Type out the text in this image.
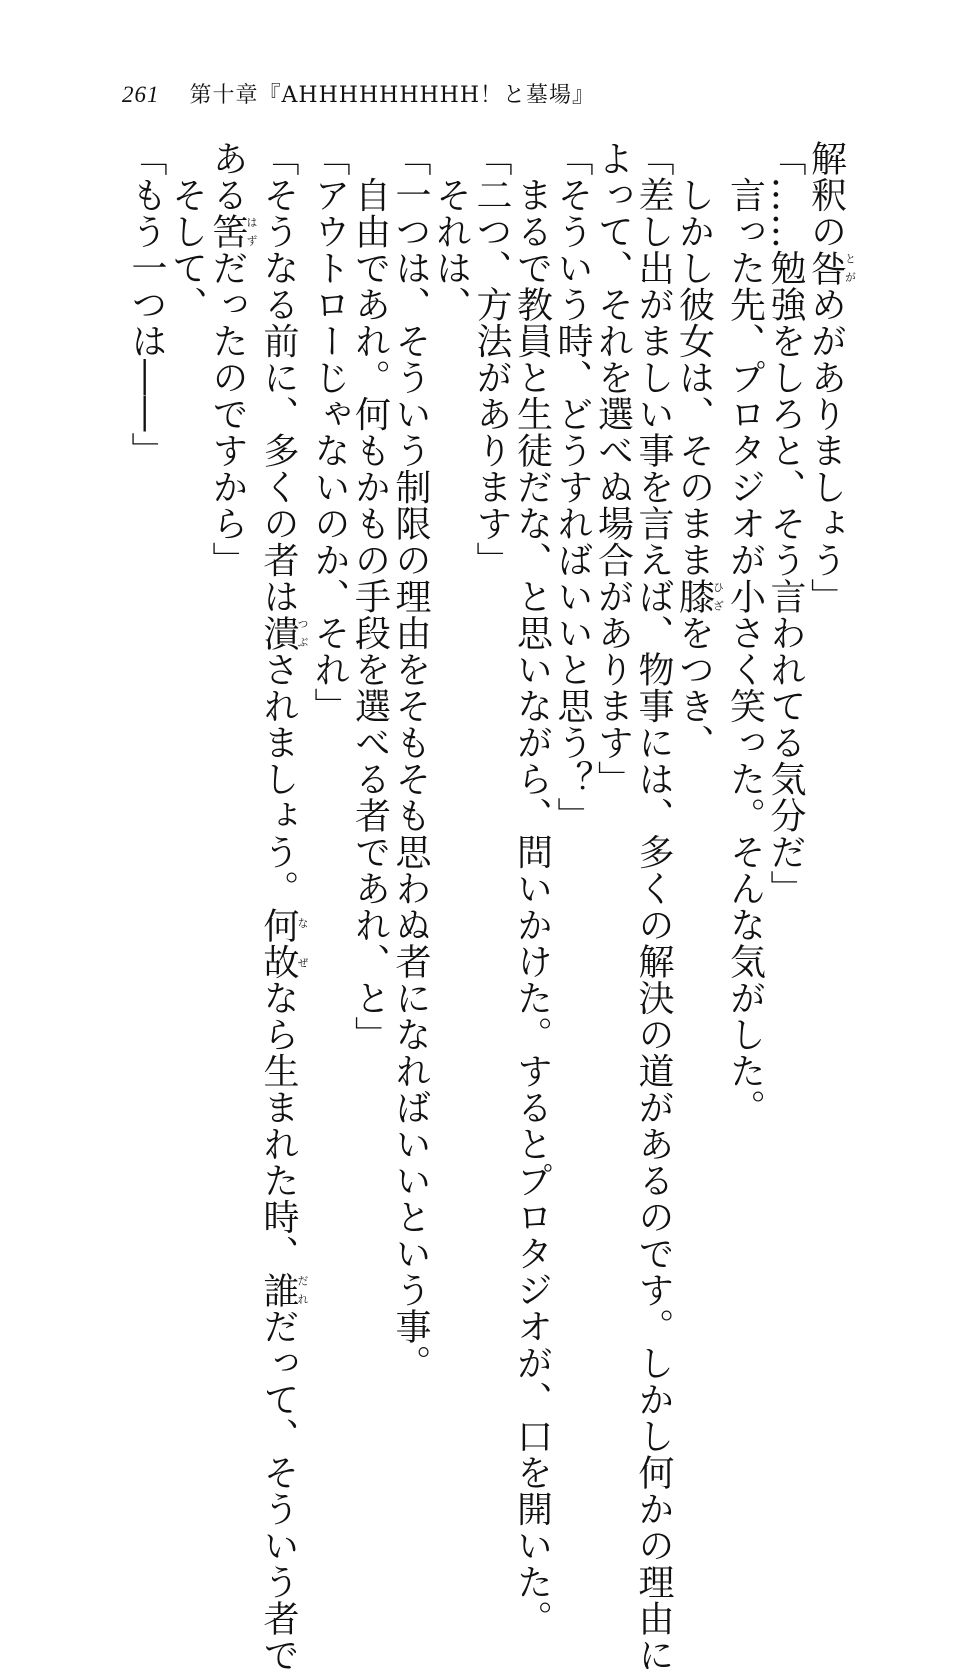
261 第十章『AHHHHHHHHH！と墓場』

解釈の咎とがめがありましょう」

「……勉強をしろと、そう言われてる気分だ」

　言った先、プロタジオが小さく笑った。そんな気がした。

　しかし彼女は、そのまま膝ひざをつき、

「差し出がましい事を言えば、物事には、多くの解決の道があるのです。しかし何かの理由に

よって、それを選べぬ場合があります」

「そういう時、どうすればいいと思う？」

　まるで教員と生徒だな、と思いながら、問いかけた。するとプロタジオが、口を開いた。

「二つ、方法があります」

　それは、

「一つは、そういう制限の理由をそもそも思わぬ者になればいいという事。

　自由であれ。何もかもの手段を選べる者であれ、と」

「アウトローじゃないのか、それ」

「そうなる前に、多くの者は潰つぶされましょう。何故なぜなら生まれた時、誰だれだって、そういう者で

ある筈はずだったのですから」

　そして、

「もう一つは――」
